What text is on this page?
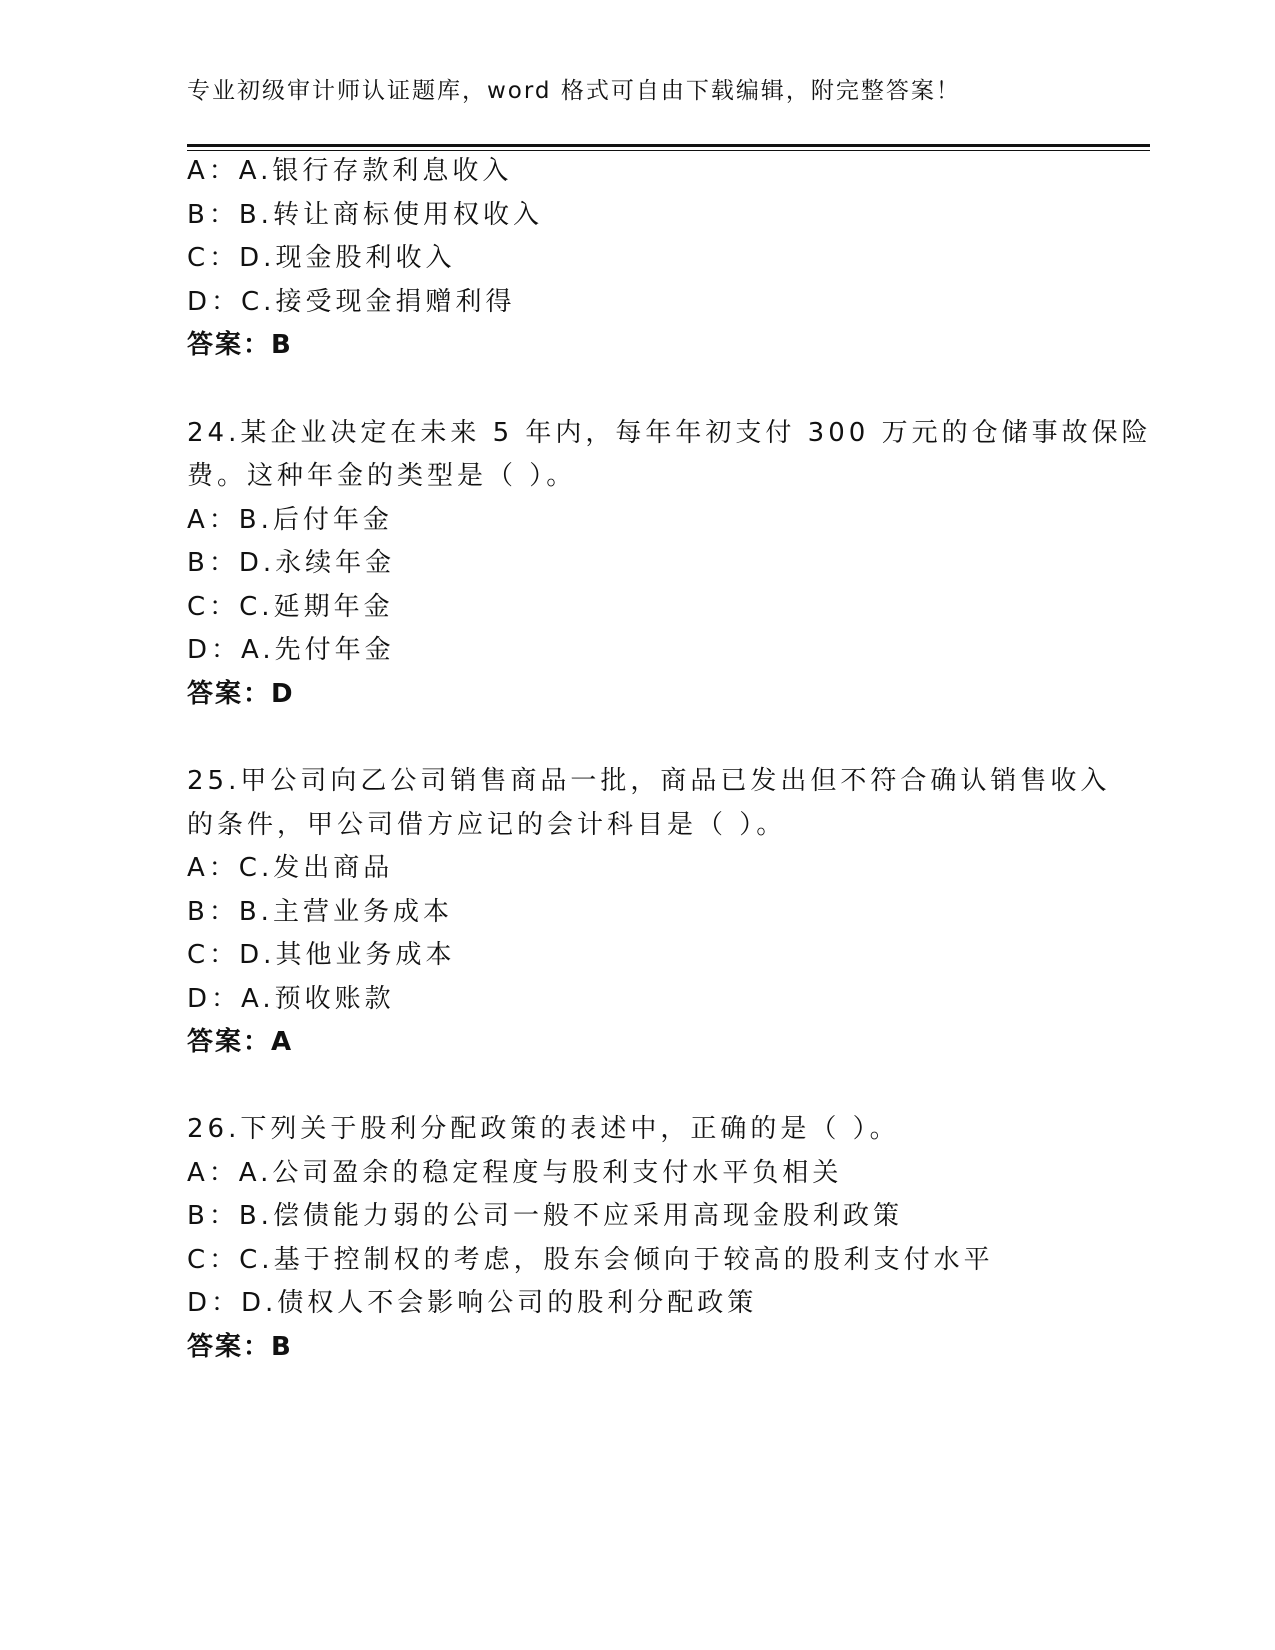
专业初级审计师认证题库，word 格式可自由下载编辑，附完整答案！
A：A.银行存款利息收入
B：B.转让商标使用权收入
C：D.现金股利收入
D：C.接受现金捐赠利得
答案：B
24.某企业决定在未来 5 年内，每年年初支付 300 万元的仓储事故保险
费。这种年金的类型是（ ）。
A：B.后付年金
B：D.永续年金
C：C.延期年金
D：A.先付年金
答案：D
25.甲公司向乙公司销售商品一批，商品已发出但不符合确认销售收入
的条件，甲公司借方应记的会计科目是（ ）。
A：C.发出商品
B：B.主营业务成本
C：D.其他业务成本
D：A.预收账款
答案：A
26.下列关于股利分配政策的表述中，正确的是（ ）。
A：A.公司盈余的稳定程度与股利支付水平负相关
B：B.偿债能力弱的公司一般不应采用高现金股利政策
C：C.基于控制权的考虑，股东会倾向于较高的股利支付水平
D：D.债权人不会影响公司的股利分配政策
答案：B
